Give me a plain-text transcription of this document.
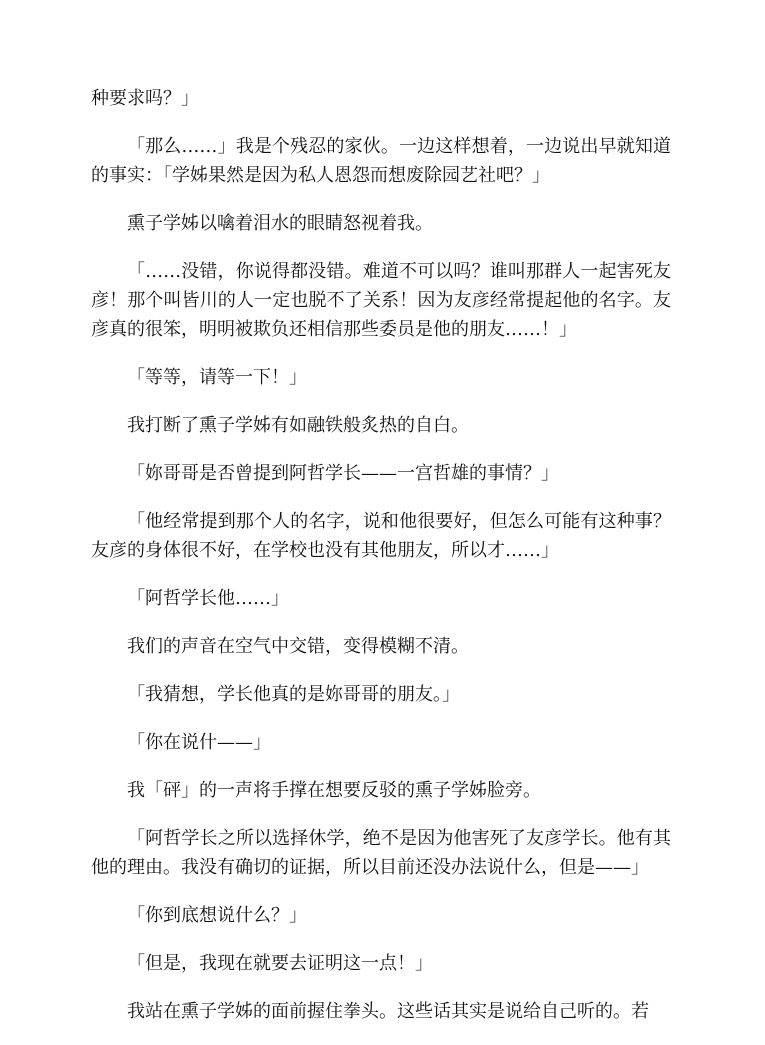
种要求吗？」

「那么……」我是个残忍的家伙。一边这样想着，一边说出早就知道的事实：「学姊果然是因为私人恩怨而想废除园艺社吧？」

熏子学姊以噙着泪水的眼睛怒视着我。

「……没错，你说得都没错。难道不可以吗？谁叫那群人一起害死友彦！那个叫皆川的人一定也脱不了关系！因为友彦经常提起他的名字。友彦真的很笨，明明被欺负还相信那些委员是他的朋友……！」

「等等，请等一下！」

我打断了熏子学姊有如融铁般炙热的自白。

「妳哥哥是否曾提到阿哲学长——一宫哲雄的事情？」

「他经常提到那个人的名字，说和他很要好，但怎么可能有这种事？友彦的身体很不好，在学校也没有其他朋友，所以才……」

「阿哲学长他……」

我们的声音在空气中交错，变得模糊不清。

「我猜想，学长他真的是妳哥哥的朋友。」

「你在说什——」

我「砰」的一声将手撑在想要反驳的熏子学姊脸旁。

「阿哲学长之所以选择休学，绝不是因为他害死了友彦学长。他有其他的理由。我没有确切的证据，所以目前还没办法说什么，但是——」

「你到底想说什么？」

「但是，我现在就要去证明这一点！」

我站在熏子学姊的面前握住拳头。这些话其实是说给自己听的。若
